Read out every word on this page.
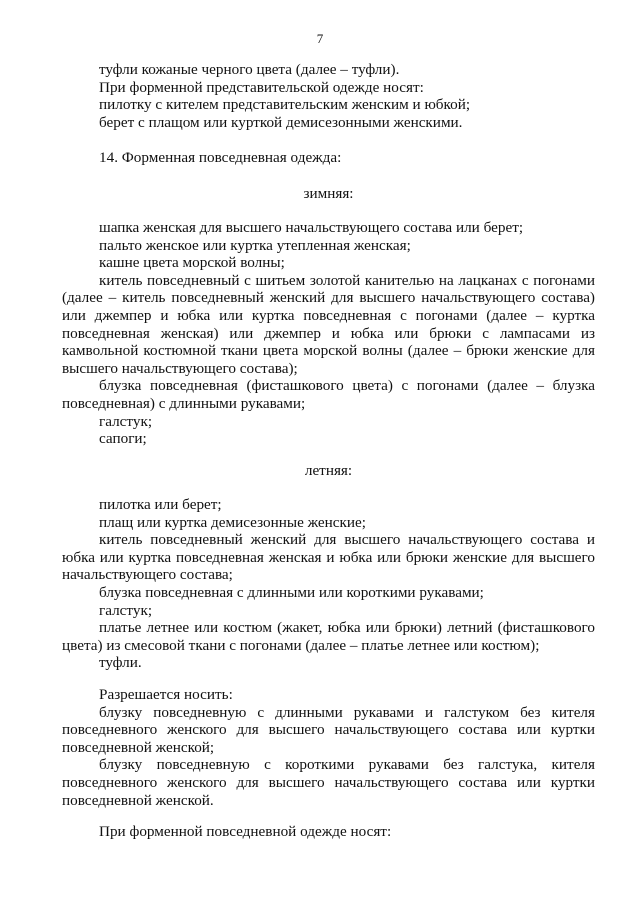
7

туфли кожаные черного цвета (далее – туфли).

При форменной представительской одежде носят:

пилотку с кителем представительским женским и юбкой;

берет с плащом или курткой демисезонными женскими.

14. Форменная повседневная одежда:

зимняя:

шапка женская для высшего начальствующего состава или берет;

пальто женское или куртка утепленная женская;

кашне цвета морской волны;

китель повседневный с шитьем золотой канителью на лацканах с погонами (далее – китель повседневный женский для высшего начальствующего состава) или джемпер и юбка или куртка повседневная с погонами (далее – куртка повседневная женская) или джемпер и юбка или брюки с лампасами из камвольной костюмной ткани цвета морской волны (далее – брюки женские для высшего начальствующего состава);

блузка повседневная (фисташкового цвета) с погонами (далее – блузка повседневная) с длинными рукавами;

галстук;

сапоги;

летняя:

пилотка или берет;

плащ или куртка демисезонные женские;

китель повседневный женский для высшего начальствующего состава и юбка или куртка повседневная женская и юбка или брюки женские для высшего начальствующего состава;

блузка повседневная с длинными или короткими рукавами;

галстук;

платье летнее или костюм (жакет, юбка или брюки) летний (фисташкового цвета) из смесовой ткани с погонами (далее – платье летнее или костюм);

туфли.

Разрешается носить:

блузку повседневную с длинными рукавами и галстуком без кителя повседневного женского для высшего начальствующего состава или куртки повседневной женской;

блузку повседневную с короткими рукавами без галстука, кителя повседневного женского для высшего начальствующего состава или куртки повседневной женской.

При форменной повседневной одежде носят:
